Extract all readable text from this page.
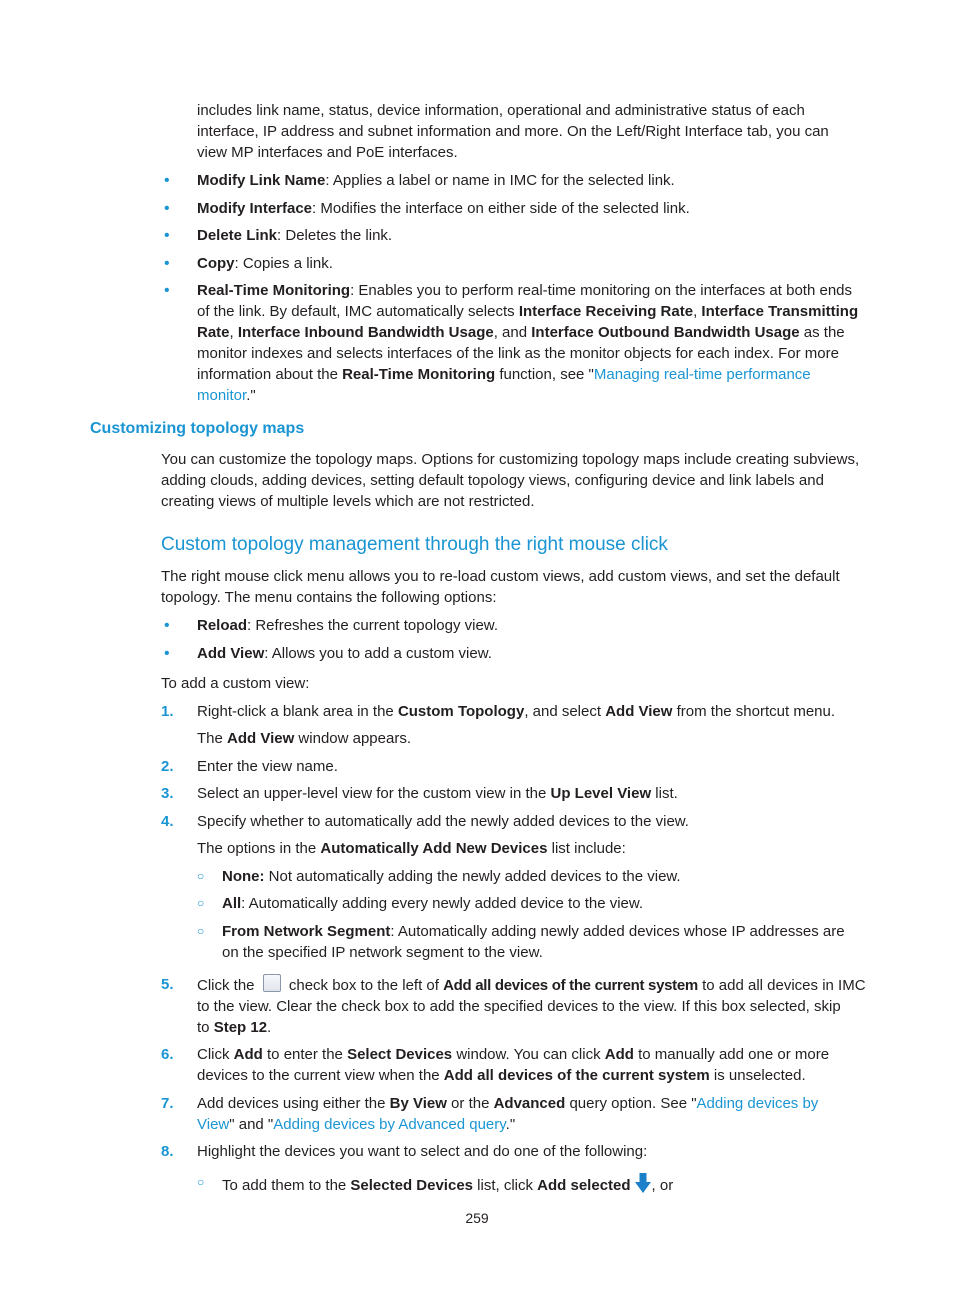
includes link name, status, device information, operational and administrative status of each
interface, IP address and subnet information and more. On the Left/Right Interface tab, you can
view MP interfaces and PoE interfaces.
• Modify Link Name: Applies a label or name in IMC for the selected link.
• Modify Interface: Modifies the interface on either side of the selected link.
• Delete Link: Deletes the link.
• Copy: Copies a link.
• Real-Time Monitoring: Enables you to perform real-time monitoring on the interfaces at both ends
of the link. By default, IMC automatically selects Interface Receiving Rate, Interface Transmitting
Rate, Interface Inbound Bandwidth Usage, and Interface Outbound Bandwidth Usage as the
monitor indexes and selects interfaces of the link as the monitor objects for each index. For more
information about the Real-Time Monitoring function, see "Managing real-time performance
monitor."
Customizing topology maps
You can customize the topology maps. Options for customizing topology maps include creating subviews,
adding clouds, adding devices, setting default topology views, configuring device and link labels and
creating views of multiple levels which are not restricted.
Custom topology management through the right mouse click
The right mouse click menu allows you to re-load custom views, add custom views, and set the default
topology. The menu contains the following options:
• Reload: Refreshes the current topology view.
• Add View: Allows you to add a custom view.
To add a custom view:
1. Right-click a blank area in the Custom Topology, and select Add View from the shortcut menu.
The Add View window appears.
2. Enter the view name.
3. Select an upper-level view for the custom view in the Up Level View list.
4. Specify whether to automatically add the newly added devices to the view.
The options in the Automatically Add New Devices list include:
○ None: Not automatically adding the newly added devices to the view.
○ All: Automatically adding every newly added device to the view.
○ From Network Segment: Automatically adding newly added devices whose IP addresses are
on the specified IP network segment to the view.
5. Click the  check box to the left of Add all devices of the current system to add all devices in IMC
to the view. Clear the check box to add the specified devices to the view. If this box selected, skip
to Step 12.
6. Click Add to enter the Select Devices window. You can click Add to manually add one or more
devices to the current view when the Add all devices of the current system is unselected.
7. Add devices using either the By View or the Advanced query option. See "Adding devices by
View" and "Adding devices by Advanced query."
8. Highlight the devices you want to select and do one of the following:
○ To add them to the Selected Devices list, click Add selected , or
259
